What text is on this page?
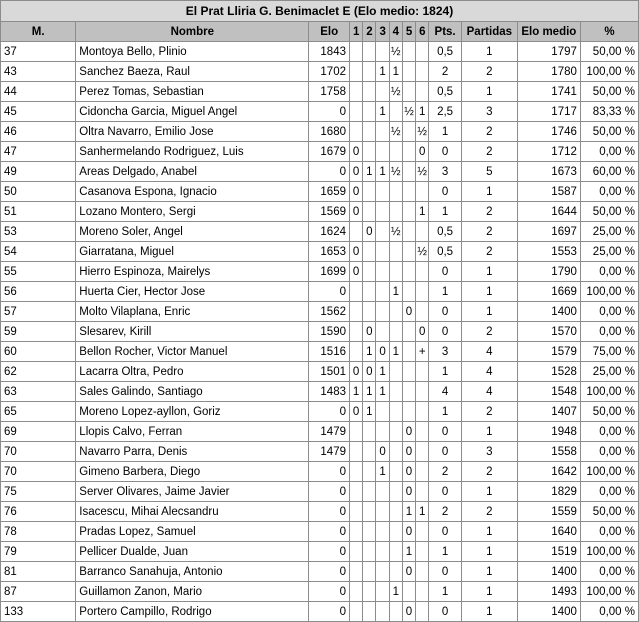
El Prat Lliria G. Benimaclet E (Elo medio: 1824)												
M.	Nombre	Elo	1	2	3	4	5	6	Pts.	Partidas	Elo medio	%
37	Montoya Bello, Plinio	1843				½			0,5	1	1797	50,00 %
43	Sanchez Baeza, Raul	1702			1	1			2	2	1780	100,00 %
44	Perez Tomas, Sebastian	1758				½			0,5	1	1741	50,00 %
45	Cidoncha Garcia, Miguel Angel	0			1		½	1	2,5	3	1717	83,33 %
46	Oltra Navarro, Emilio Jose	1680				½		½	1	2	1746	50,00 %
47	Sanhermelando Rodriguez, Luis	1679	0					0	0	2	1712	0,00 %
49	Areas Delgado, Anabel	0	0	1	1	½		½	3	5	1673	60,00 %
50	Casanova Espona, Ignacio	1659	0						0	1	1587	0,00 %
51	Lozano Montero, Sergi	1569	0					1	1	2	1644	50,00 %
53	Moreno Soler, Angel	1624		0		½			0,5	2	1697	25,00 %
54	Giarratana, Miguel	1653	0					½	0,5	2	1553	25,00 %
55	Hierro Espinoza, Mairelys	1699	0						0	1	1790	0,00 %
56	Huerta Cier, Hector Jose	0				1			1	1	1669	100,00 %
57	Molto Vilaplana, Enric	1562					0		0	1	1400	0,00 %
59	Slesarev, Kirill	1590		0				0	0	2	1570	0,00 %
60	Bellon Rocher, Victor Manuel	1516		1	0	1		+	3	4	1579	75,00 %
62	Lacarra Oltra, Pedro	1501	0	0	1				1	4	1528	25,00 %
63	Sales Galindo, Santiago	1483	1	1	1				4	4	1548	100,00 %
65	Moreno Lopez-ayllon, Goriz	0	0	1					1	2	1407	50,00 %
69	Llopis Calvo, Ferran	1479					0		0	1	1948	0,00 %
70	Navarro Parra, Denis	1479			0		0		0	3	1558	0,00 %
70	Gimeno Barbera, Diego	0			1		0		2	2	1642	100,00 %
75	Server Olivares, Jaime Javier	0					0		0	1	1829	0,00 %
76	Isacescu, Mihai Alecsandru	0					1	1	2	2	1559	50,00 %
78	Pradas Lopez, Samuel	0					0		0	1	1640	0,00 %
79	Pellicer Dualde, Juan	0					1		1	1	1519	100,00 %
81	Barranco Sanahuja, Antonio	0					0		0	1	1400	0,00 %
87	Guillamon Zanon, Mario	0				1			1	1	1493	100,00 %
133	Portero Campillo, Rodrigo	0					0		0	1	1400	0,00 %
